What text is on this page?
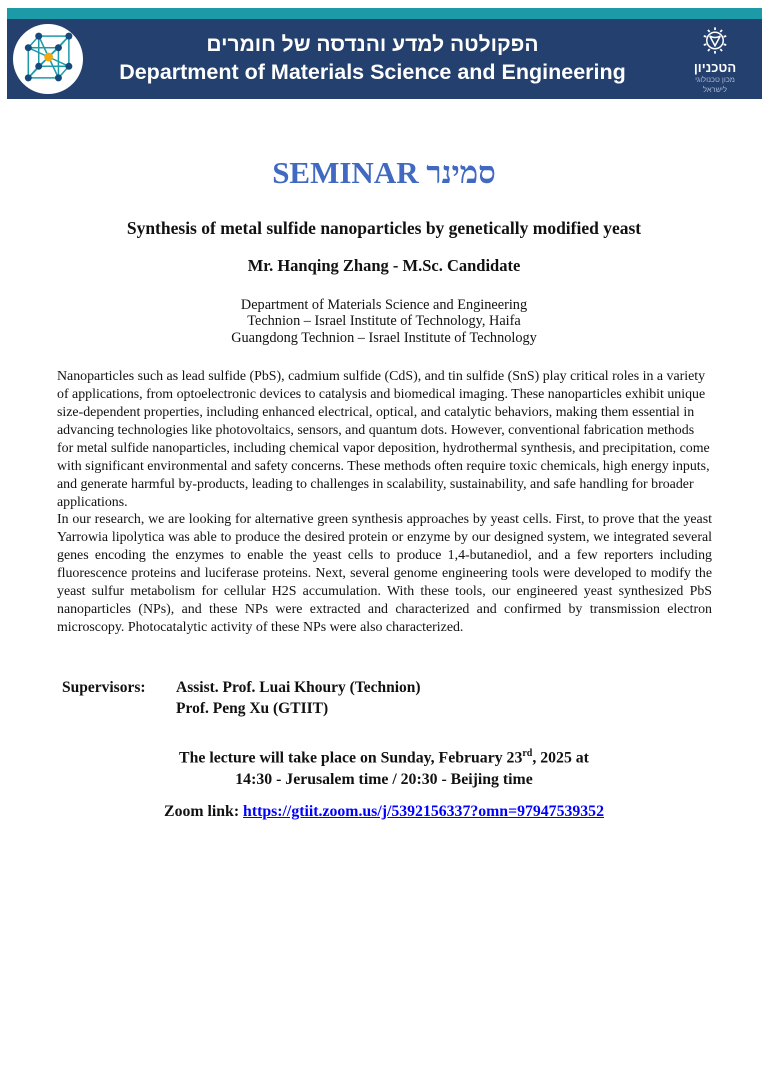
הפקולטה למדע והנדסה של חומרים
Department of Materials Science and Engineering	הטכניון
מכון טכנולוגי
לישראל
SEMINAR סמינר
Synthesis of metal sulfide nanoparticles by genetically modified yeast
Mr. Hanqing Zhang - M.Sc. Candidate
Department of Materials Science and Engineering
Technion – Israel Institute of Technology, Haifa
Guangdong Technion – Israel Institute of Technology

Nanoparticles such as lead sulfide (PbS), cadmium sulfide (CdS), and tin sulfide (SnS) play critical roles in a variety of applications, from optoelectronic devices to catalysis and biomedical imaging. These nanoparticles exhibit unique size-dependent properties, including enhanced electrical, optical, and catalytic behaviors, making them essential in advancing technologies like photovoltaics, sensors, and quantum dots. However, conventional fabrication methods for metal sulfide nanoparticles, including chemical vapor deposition, hydrothermal synthesis, and precipitation, come with significant environmental and safety concerns. These methods often require toxic chemicals, high energy inputs, and generate harmful by-products, leading to challenges in scalability, sustainability, and safe handling for broader applications.

In our research, we are looking for alternative green synthesis approaches by yeast cells. First, to prove that the yeast Yarrowia lipolytica was able to produce the desired protein or enzyme by our designed system, we integrated several genes encoding the enzymes to enable the yeast cells to produce 1,4-butanediol, and a few reporters including fluorescence proteins and luciferase proteins. Next, several genome engineering tools were developed to modify the yeast sulfur metabolism for cellular H2S accumulation. With these tools, our engineered yeast synthesized PbS nanoparticles (NPs), and these NPs were extracted and characterized and confirmed by transmission electron microscopy. Photocatalytic activity of these NPs were also characterized.

Supervisors:	Assist. Prof. Luai Khoury (Technion)
Prof. Peng Xu (GTIIT)
The lecture will take place on Sunday, February 23rd, 2025 at
14:30 - Jerusalem time / 20:30 - Beijing time
Zoom link: https://gtiit.zoom.us/j/5392156337?omn=97947539352
